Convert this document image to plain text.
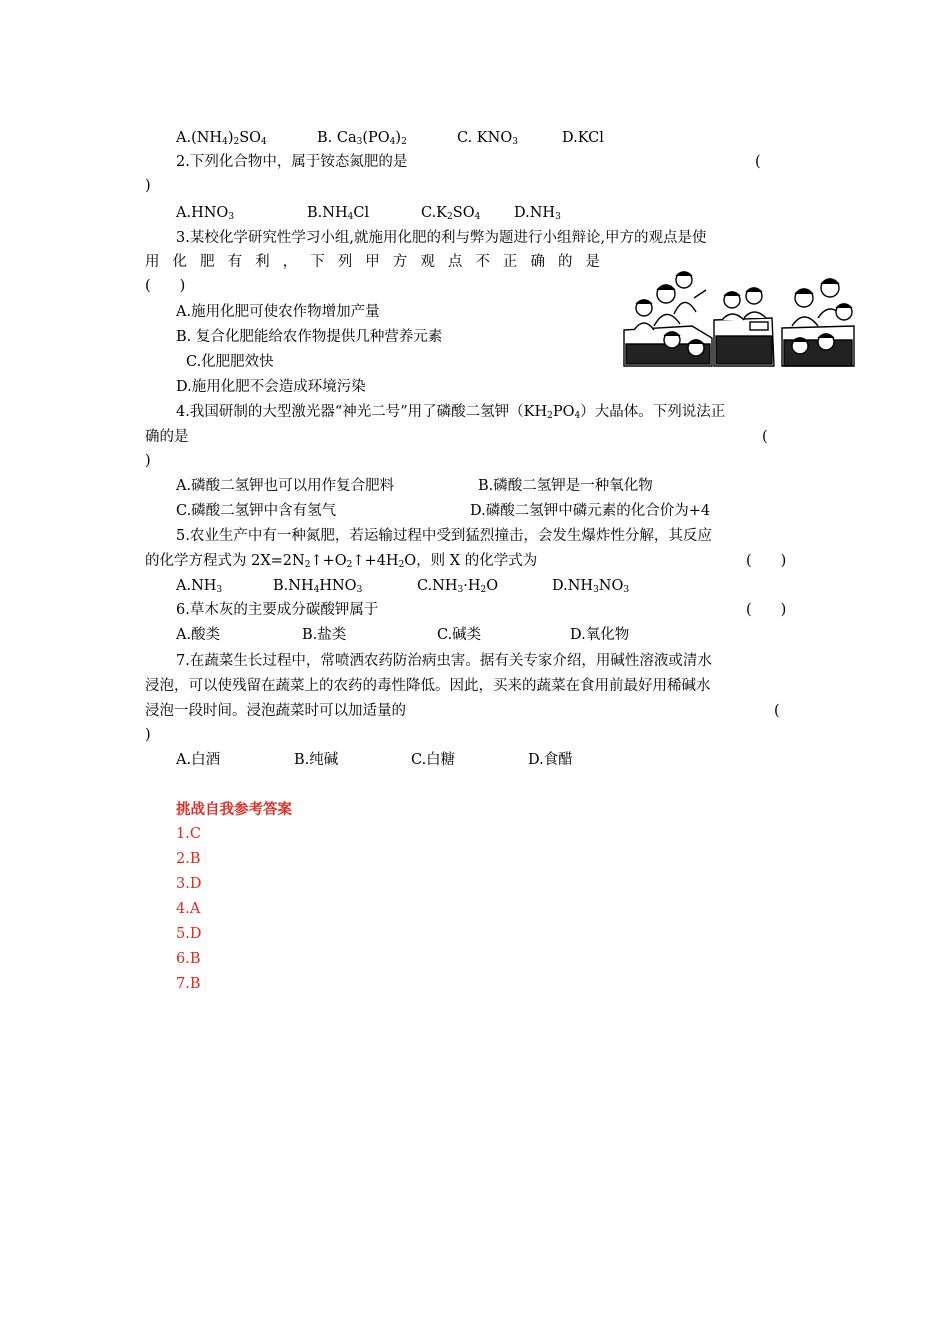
$A.(NH_4)_2SO_4$	B. $Ca_3(PO_4)_2$	C. $KNO_3$	D.KCl
2.下列化合物中，属于铵态氮肥的是	(
)
$A.HNO_3$	$B.NH_4Cl$	$C.K_2SO_4$ $D.NH_3$
3.某校化学研究性学习小组,就施用化肥的利与弊为题进行小组辩论,甲方的观点是使
用 化 肥 有 利 ， 下 列 甲 方 观 点 不 正 确 的 是
(　　)
A.施用化肥可使农作物增加产量
B. 复合化肥能给农作物提供几种营养元素
C.化肥肥效快
D.施用化肥不会造成环境污染
4.我国研制的大型激光器“神光二号”用了磷酸二氢钾$(KH_2PO_4)$大晶体。下列说法正
确的是	(
)
A.磷酸二氢钾也可以用作复合肥料	B.磷酸二氢钾是一种氧化物
C.磷酸二氢钾中含有氢气	D.磷酸二氢钾中磷元素的化合价为+4
5.农业生产中有一种氮肥，若运输过程中受到猛烈撞击，会发生爆炸性分解，其反应
的化学方程式为 $2X=2N_2↑+O_2↑+4H_2O$，则 X 的化学式为	(　　)
$A.NH_3$	$B.NH_4HNO_3$	$C.NH_3\cdot H_2O$	$D.NH_3NO_3$
6.草木灰的主要成分碳酸钾属于	(　　)
A.酸类	B.盐类	C.碱类	D.氧化物
7.在蔬菜生长过程中，常喷洒农药防治病虫害。据有关专家介绍，用碱性溶液或清水
浸泡，可以使残留在蔬菜上的农药的毒性降低。因此，买来的蔬菜在食用前最好用稀碱水
浸泡一段时间。浸泡蔬菜时可以加适量的	(
)
A.白酒	B.纯碱	C.白糖	D.食醋
挑战自我参考答案
1.C
2.B
3.D
4.A
5.D
6.B
7.B
